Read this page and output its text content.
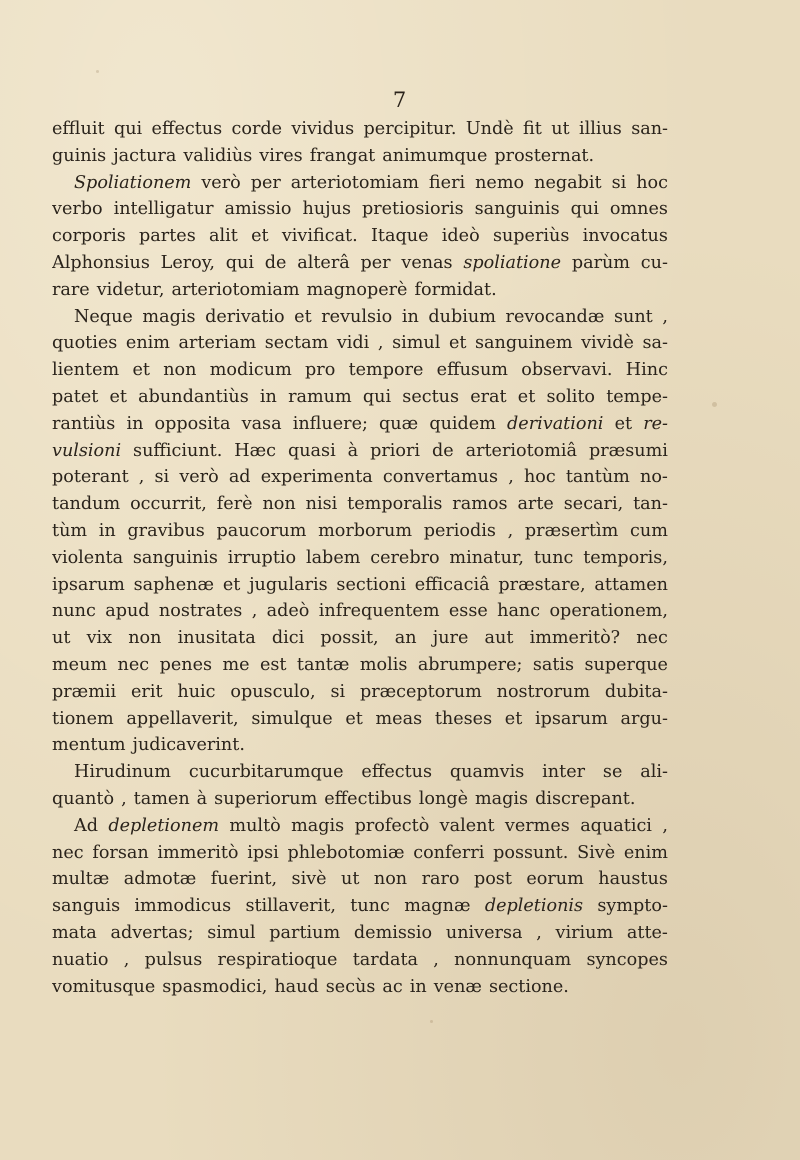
7
effluit qui effectus corde vividus percipitur. Undè fit ut illius san-
guinis jactura validiùs vires frangat animumque prosternat.
Spoliationem verò per arteriotomiam fieri nemo negabit si hoc
verbo intelligatur amissio hujus pretiosioris sanguinis qui omnes
corporis partes alit et vivificat. Itaque ideò superiùs invocatus
Alphonsius Leroy, qui de alterâ per venas spoliatione parùm cu-
rare videtur, arteriotomiam magnoperè formidat.
Neque magis derivatio et revulsio in dubium revocandæ sunt ,
quoties enim arteriam sectam vidi , simul et sanguinem vividè sa-
lientem et non modicum pro tempore effusum observavi. Hinc
patet et abundantiùs in ramum qui sectus erat et solito tempe-
rantiùs in opposita vasa influere; quæ quidem derivationi et re-
vulsioni sufficiunt. Hæc quasi à priori de arteriotomiâ præsumi
poterant , si verò ad experimenta convertamus , hoc tantùm no-
tandum occurrit, ferè non nisi temporalis ramos arte secari, tan-
tùm in gravibus paucorum morborum periodis , præsertìm cum
violenta sanguinis irruptio labem cerebro minatur, tunc temporis,
ipsarum saphenæ et jugularis sectioni efficaciâ præstare, attamen
nunc apud nostrates , adeò infrequentem esse hanc operationem,
ut vix non inusitata dici possit, an jure aut immeritò? nec
meum nec penes me est tantæ molis abrumpere; satis superque
præmii erit huic opusculo, si præceptorum nostrorum dubita-
tionem appellaverit, simulque et meas theses et ipsarum argu-
mentum judicaverint.
Hirudinum cucurbitarumque effectus quamvis inter se ali-
quantò , tamen à superiorum effectibus longè magis discrepant.
Ad depletionem multò magis profectò valent vermes aquatici ,
nec forsan immeritò ipsi phlebotomiæ conferri possunt. Sivè enim
multæ admotæ fuerint, sivè ut non raro post eorum haustus
sanguis immodicus stillaverit, tunc magnæ depletionis sympto-
mata advertas; simul partium demissio universa , virium atte-
nuatio , pulsus respiratioque tardata , nonnunquam syncopes
vomitusque spasmodici, haud secùs ac in venæ sectione.
